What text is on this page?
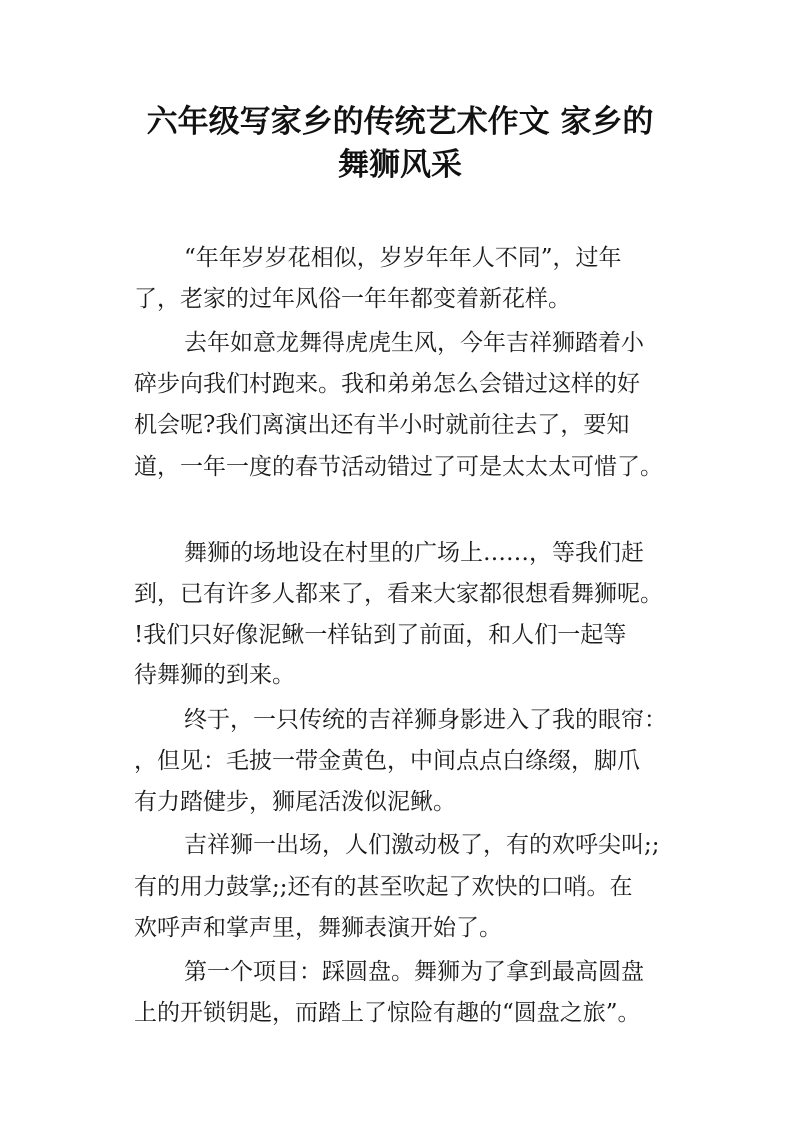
六年级写家乡的传统艺术作文 家乡的
舞狮风采
“年年岁岁花相似，岁岁年年人不同”，过年
了，老家的过年风俗一年年都变着新花样。
去年如意龙舞得虎虎生风，今年吉祥狮踏着小
碎步向我们村跑来。我和弟弟怎么会错过这样的好
机会呢?我们离演出还有半小时就前往去了，要知
道，一年一度的春节活动错过了可是太太太可惜了。
舞狮的场地设在村里的广场上……，等我们赶
到，已有许多人都来了，看来大家都很想看舞狮呢。
!我们只好像泥鳅一样钻到了前面，和人们一起等
待舞狮的到来。
终于，一只传统的吉祥狮身影进入了我的眼帘：
，但见：毛披一带金黄色，中间点点白绦缀，脚爪
有力踏健步，狮尾活泼似泥鳅。
吉祥狮一出场，人们激动极了，有的欢呼尖叫;;
有的用力鼓掌;;还有的甚至吹起了欢快的口哨。在
欢呼声和掌声里，舞狮表演开始了。
第一个项目：踩圆盘。舞狮为了拿到最高圆盘
上的开锁钥匙，而踏上了惊险有趣的“圆盘之旅”。
